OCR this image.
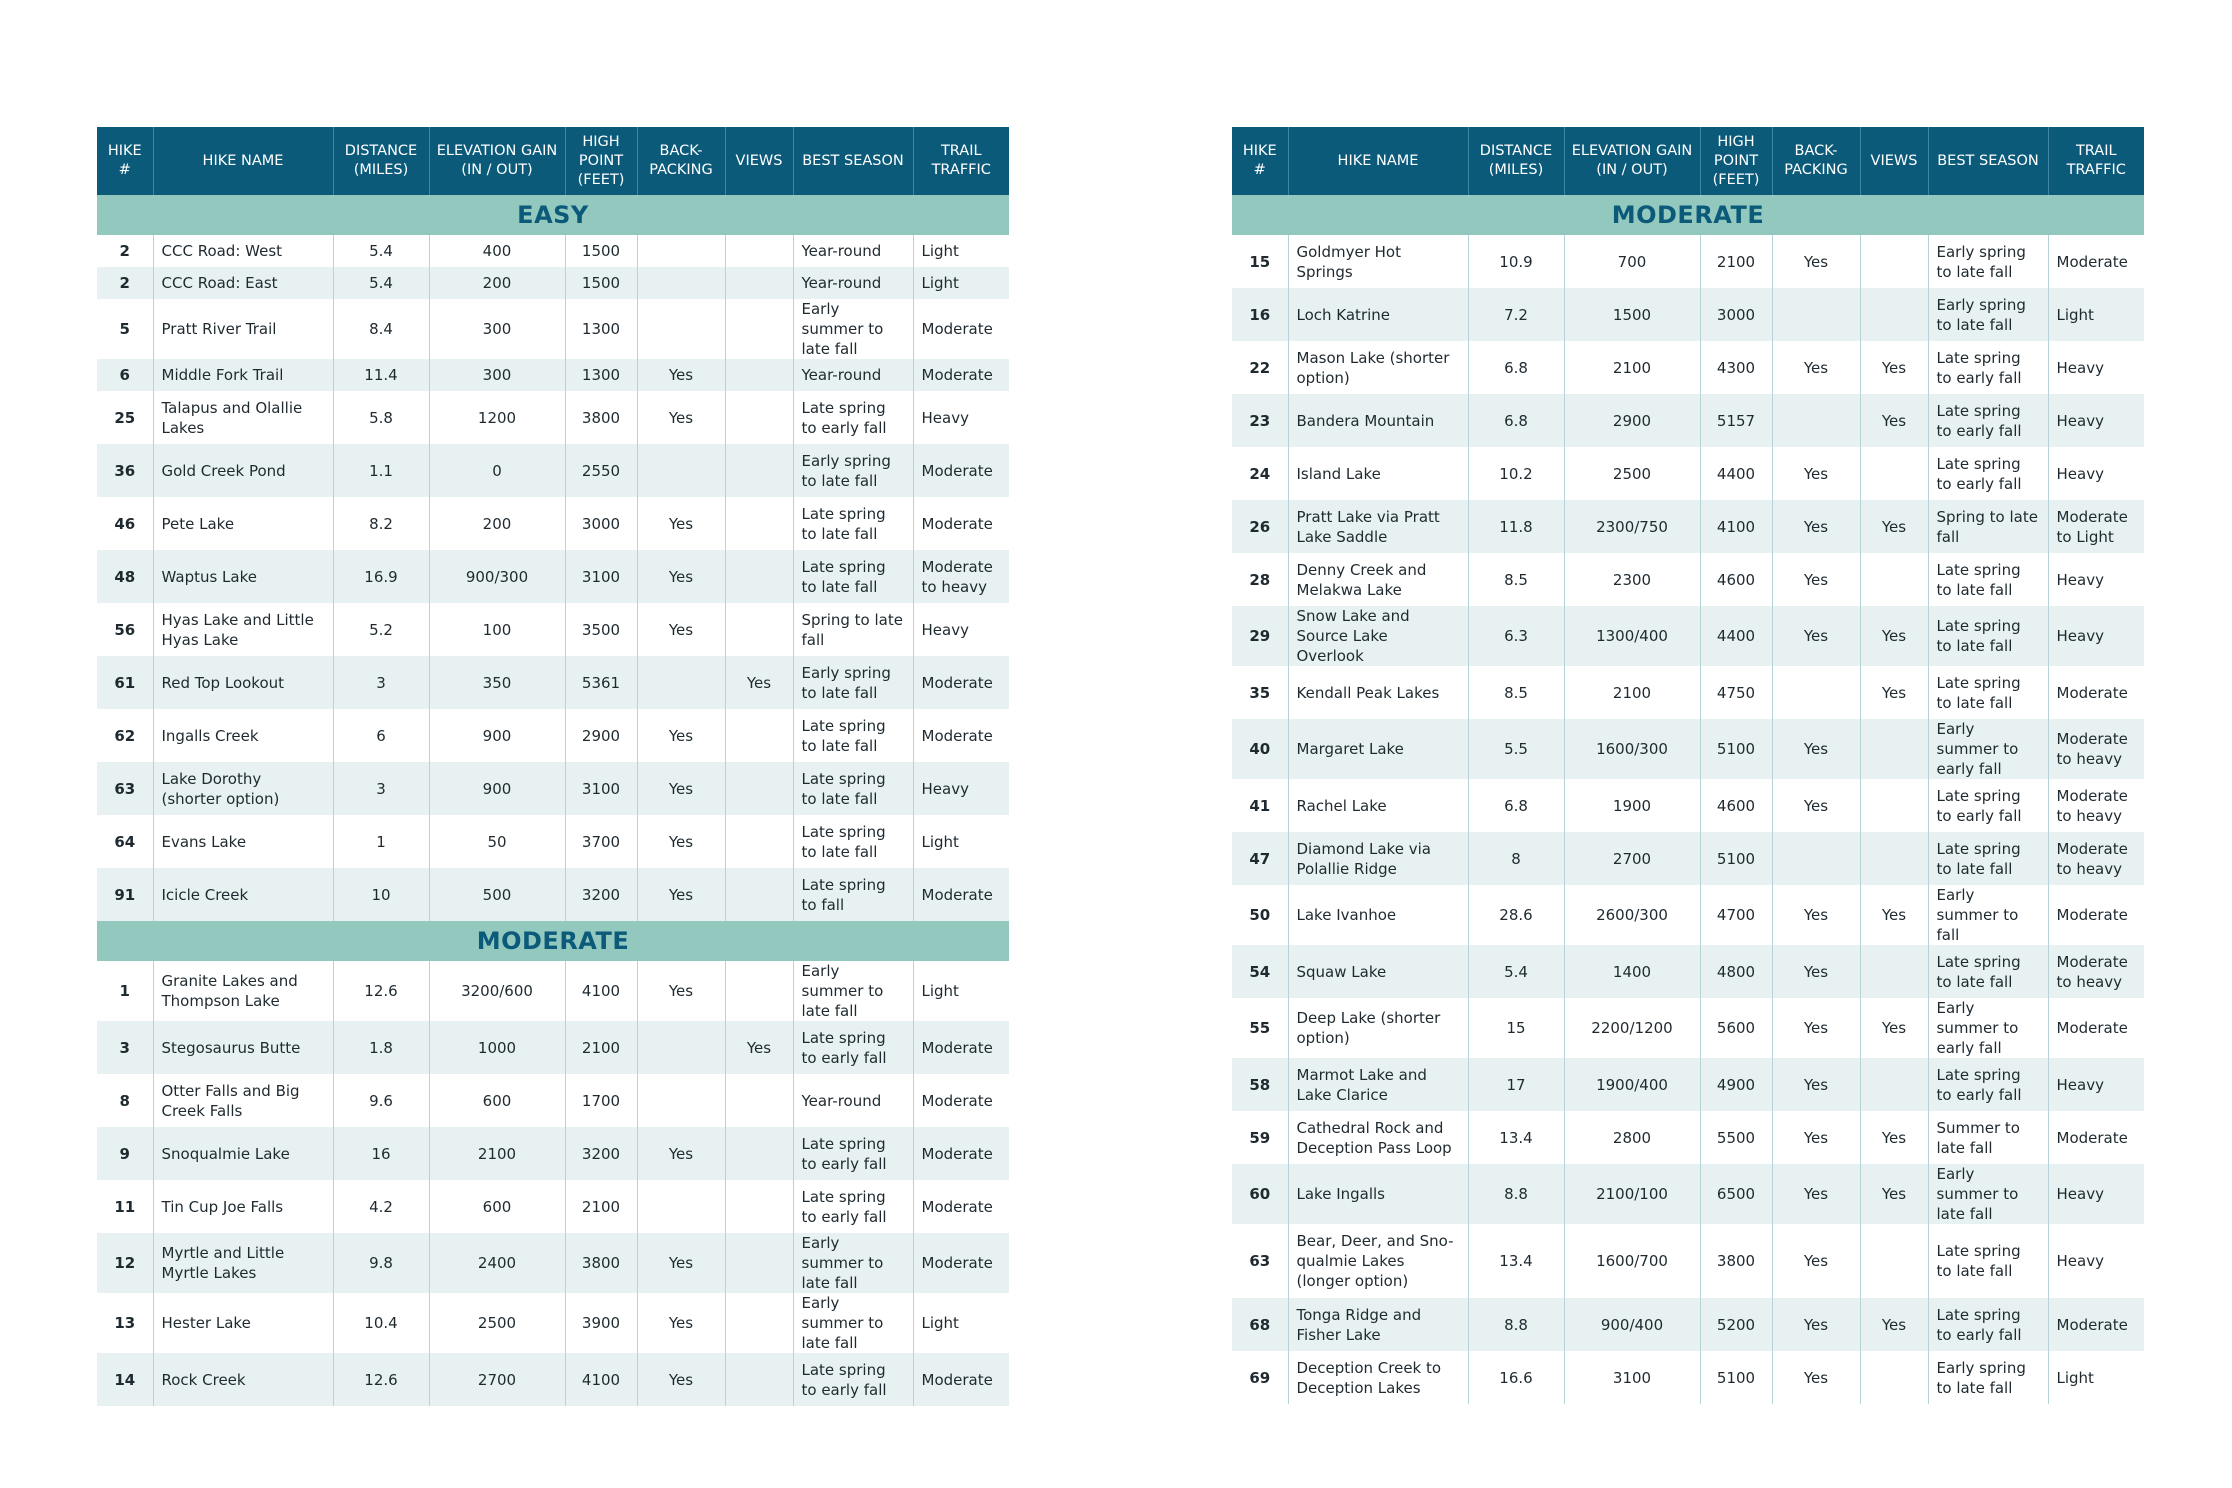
HIKE #	HIKE NAME	DISTANCE (MILES)	ELEVATION GAIN (IN / OUT)	HIGH POINT (FEET)	BACK-PACKING	VIEWS	BEST SEASON	TRAIL TRAFFIC
EASY								
2	CCC Road: West	5.4	400	1500			Year-round	Light
2	CCC Road: East	5.4	200	1500			Year-round	Light
5	Pratt River Trail	8.4	300	1300			Early summer to late fall	Moderate
6	Middle Fork Trail	11.4	300	1300	Yes		Year-round	Moderate
25	Talapus and Olallie Lakes	5.8	1200	3800	Yes		Late spring to early fall	Heavy
36	Gold Creek Pond	1.1	0	2550			Early spring to late fall	Moderate
46	Pete Lake	8.2	200	3000	Yes		Late spring to late fall	Moderate
48	Waptus Lake	16.9	900/300	3100	Yes		Late spring to late fall	Moderate to heavy
56	Hyas Lake and Little Hyas Lake	5.2	100	3500	Yes		Spring to late fall	Heavy
61	Red Top Lookout	3	350	5361		Yes	Early spring to late fall	Moderate
62	Ingalls Creek	6	900	2900	Yes		Late spring to late fall	Moderate
63	Lake Dorothy (shorter option)	3	900	3100	Yes		Late spring to late fall	Heavy
64	Evans Lake	1	50	3700	Yes		Late spring to late fall	Light
91	Icicle Creek	10	500	3200	Yes		Late spring to fall	Moderate
MODERATE								
1	Granite Lakes and Thompson Lake	12.6	3200/600	4100	Yes		Early summer to late fall	Light
3	Stegosaurus Butte	1.8	1000	2100		Yes	Late spring to early fall	Moderate
8	Otter Falls and Big Creek Falls	9.6	600	1700			Year-round	Moderate
9	Snoqualmie Lake	16	2100	3200	Yes		Late spring to early fall	Moderate
11	Tin Cup Joe Falls	4.2	600	2100			Late spring to early fall	Moderate
12	Myrtle and Little Myrtle Lakes	9.8	2400	3800	Yes		Early summer to late fall	Moderate
13	Hester Lake	10.4	2500	3900	Yes		Early summer to late fall	Light
14	Rock Creek	12.6	2700	4100	Yes		Late spring to early fall	Moderate
HIKE #	HIKE NAME	DISTANCE (MILES)	ELEVATION GAIN (IN / OUT)	HIGH POINT (FEET)	BACK-PACKING	VIEWS	BEST SEASON	TRAIL TRAFFIC
MODERATE								
15	Goldmyer Hot Springs	10.9	700	2100	Yes		Early spring to late fall	Moderate
16	Loch Katrine	7.2	1500	3000			Early spring to late fall	Light
22	Mason Lake (shorter option)	6.8	2100	4300	Yes	Yes	Late spring to early fall	Heavy
23	Bandera Mountain	6.8	2900	5157		Yes	Late spring to early fall	Heavy
24	Island Lake	10.2	2500	4400	Yes		Late spring to early fall	Heavy
26	Pratt Lake via Pratt Lake Saddle	11.8	2300/750	4100	Yes	Yes	Spring to late fall	Moderate to Light
28	Denny Creek and Melakwa Lake	8.5	2300	4600	Yes		Late spring to late fall	Heavy
29	Snow Lake and Source Lake Overlook	6.3	1300/400	4400	Yes	Yes	Late spring to late fall	Heavy
35	Kendall Peak Lakes	8.5	2100	4750		Yes	Late spring to late fall	Moderate
40	Margaret Lake	5.5	1600/300	5100	Yes		Early summer to early fall	Moderate to heavy
41	Rachel Lake	6.8	1900	4600	Yes		Late spring to early fall	Moderate to heavy
47	Diamond Lake via Polallie Ridge	8	2700	5100			Late spring to late fall	Moderate to heavy
50	Lake Ivanhoe	28.6	2600/300	4700	Yes	Yes	Early summer to fall	Moderate
54	Squaw Lake	5.4	1400	4800	Yes		Late spring to late fall	Moderate to heavy
55	Deep Lake (shorter option)	15	2200/1200	5600	Yes	Yes	Early summer to early fall	Moderate
58	Marmot Lake and Lake Clarice	17	1900/400	4900	Yes		Late spring to early fall	Heavy
59	Cathedral Rock and Deception Pass Loop	13.4	2800	5500	Yes	Yes	Summer to late fall	Moderate
60	Lake Ingalls	8.8	2100/100	6500	Yes	Yes	Early summer to late fall	Heavy
63	Bear, Deer, and Sno-qualmie Lakes (longer option)	13.4	1600/700	3800	Yes		Late spring to late fall	Heavy
68	Tonga Ridge and Fisher Lake	8.8	900/400	5200	Yes	Yes	Late spring to early fall	Moderate
69	Deception Creek to Deception Lakes	16.6	3100	5100	Yes		Early spring to late fall	Light
